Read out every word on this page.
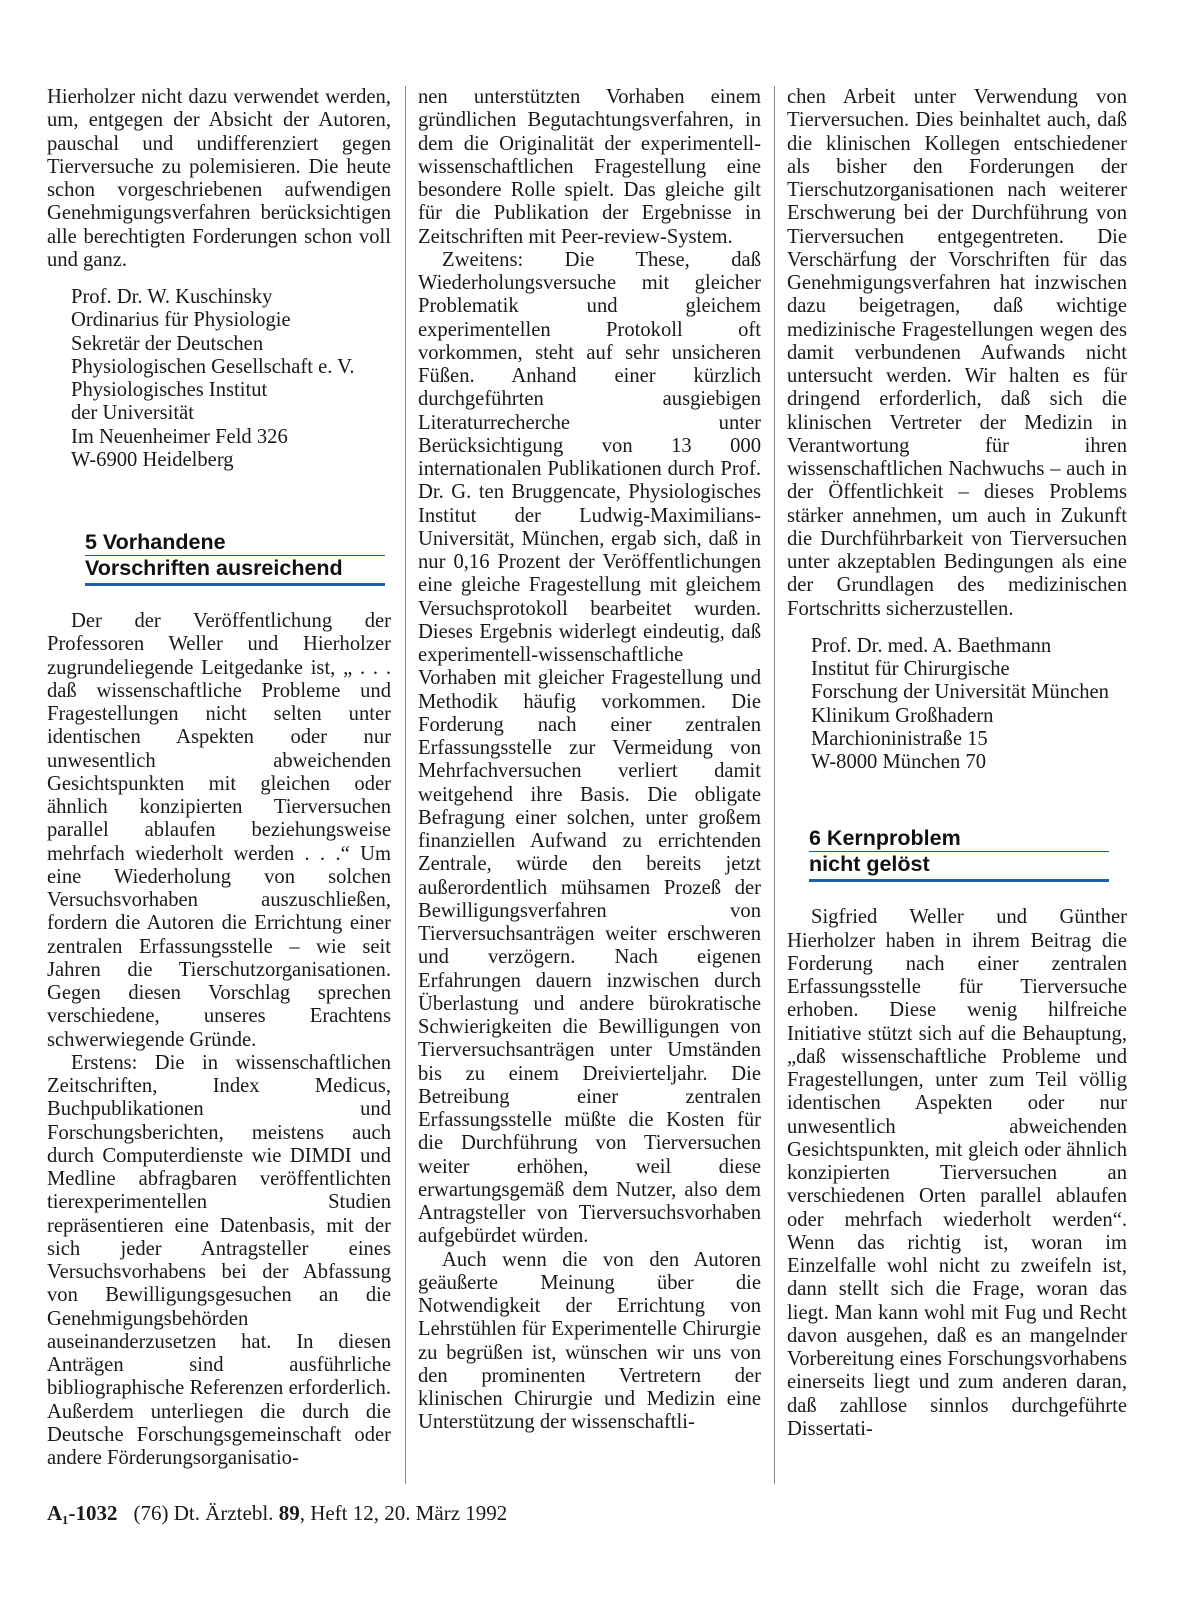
Hierholzer nicht dazu verwendet werden, um, entgegen der Absicht der Autoren, pauschal und undifferenziert gegen Tierversuche zu polemisieren. Die heute schon vorgeschriebenen aufwendigen Genehmigungsverfahren berücksichtigen alle berechtigten Forderungen schon voll und ganz.

Prof. Dr. W. Kuschinsky
Ordinarius für Physiologie
Sekretär der Deutschen
Physiologischen Gesellschaft e. V.
Physiologisches Institut
der Universität
Im Neuenheimer Feld 326
W-6900 Heidelberg
5 Vorhandene
Vorschriften ausreichend

Der der Veröffentlichung der Professoren Weller und Hierholzer zugrundeliegende Leitgedanke ist, „ . . . daß wissenschaftliche Probleme und Fragestellungen nicht selten unter identischen Aspekten oder nur unwesentlich abweichenden Gesichtspunkten mit gleichen oder ähnlich konzipierten Tierversuchen parallel ablaufen beziehungsweise mehrfach wiederholt werden . . .“ Um eine Wiederholung von solchen Versuchsvorhaben auszuschließen, fordern die Autoren die Errichtung einer zentralen Erfassungsstelle – wie seit Jahren die Tierschutzorganisationen. Gegen diesen Vorschlag sprechen verschiedene, unseres Erachtens schwerwiegende Gründe.

Erstens: Die in wissenschaftlichen Zeitschriften, Index Medicus, Buchpublikationen und Forschungsberichten, meistens auch durch Computerdienste wie DIMDI und Medline abfragbaren veröffentlichten tierexperimentellen Studien repräsentieren eine Datenbasis, mit der sich jeder Antragsteller eines Versuchsvorhabens bei der Abfassung von Bewilligungsgesuchen an die Genehmigungsbehörden auseinanderzusetzen hat. In diesen Anträgen sind ausführliche bibliographische Referenzen erforderlich. Außerdem unterliegen die durch die Deutsche Forschungsgemeinschaft oder andere Förderungsorganisatio-

nen unterstützten Vorhaben einem gründlichen Begutachtungsverfahren, in dem die Originalität der experimentell-wissenschaftlichen Fragestellung eine besondere Rolle spielt. Das gleiche gilt für die Publikation der Ergebnisse in Zeitschriften mit Peer-review-System.

Zweitens: Die These, daß Wiederholungsversuche mit gleicher Problematik und gleichem experimentellen Protokoll oft vorkommen, steht auf sehr unsicheren Füßen. Anhand einer kürzlich durchgeführten ausgiebigen Literaturrecherche unter Berücksichtigung von 13 000 internationalen Publikationen durch Prof. Dr. G. ten Bruggencate, Physiologisches Institut der Ludwig-Maximilians-Universität, München, ergab sich, daß in nur 0,16 Prozent der Veröffentlichungen eine gleiche Fragestellung mit gleichem Versuchsprotokoll bearbeitet wurden. Dieses Ergebnis widerlegt eindeutig, daß experimentell-wissenschaftliche Vorhaben mit gleicher Fragestellung und Methodik häufig vorkommen. Die Forderung nach einer zentralen Erfassungsstelle zur Vermeidung von Mehrfachversuchen verliert damit weitgehend ihre Basis. Die obligate Befragung einer solchen, unter großem finanziellen Aufwand zu errichtenden Zentrale, würde den bereits jetzt außerordentlich mühsamen Prozeß der Bewilligungsverfahren von Tierversuchsanträgen weiter erschweren und verzögern. Nach eigenen Erfahrungen dauern inzwischen durch Überlastung und andere bürokratische Schwierigkeiten die Bewilligungen von Tierversuchsanträgen unter Umständen bis zu einem Dreivierteljahr. Die Betreibung einer zentralen Erfassungsstelle müßte die Kosten für die Durchführung von Tierversuchen weiter erhöhen, weil diese erwartungsgemäß dem Nutzer, also dem Antragsteller von Tierversuchsvorhaben aufgebürdet würden.

Auch wenn die von den Autoren geäußerte Meinung über die Notwendigkeit der Errichtung von Lehrstühlen für Experimentelle Chirurgie zu begrüßen ist, wünschen wir uns von den prominenten Vertretern der klinischen Chirurgie und Medizin eine Unterstützung der wissenschaftli-

chen Arbeit unter Verwendung von Tierversuchen. Dies beinhaltet auch, daß die klinischen Kollegen entschiedener als bisher den Forderungen der Tierschutzorganisationen nach weiterer Erschwerung bei der Durchführung von Tierversuchen entgegentreten. Die Verschärfung der Vorschriften für das Genehmigungsverfahren hat inzwischen dazu beigetragen, daß wichtige medizinische Fragestellungen wegen des damit verbundenen Aufwands nicht untersucht werden. Wir halten es für dringend erforderlich, daß sich die klinischen Vertreter der Medizin in Verantwortung für ihren wissenschaftlichen Nachwuchs – auch in der Öffentlichkeit – dieses Problems stärker annehmen, um auch in Zukunft die Durchführbarkeit von Tierversuchen unter akzeptablen Bedingungen als eine der Grundlagen des medizinischen Fortschritts sicherzustellen.

Prof. Dr. med. A. Baethmann
Institut für Chirurgische
Forschung der Universität München
Klinikum Großhadern
Marchioninistraße 15
W-8000 München 70
6 Kernproblem
nicht gelöst

Sigfried Weller und Günther Hierholzer haben in ihrem Beitrag die Forderung nach einer zentralen Erfassungsstelle für Tierversuche erhoben. Diese wenig hilfreiche Initiative stützt sich auf die Behauptung, „daß wissenschaftliche Probleme und Fragestellungen, unter zum Teil völlig identischen Aspekten oder nur unwesentlich abweichenden Gesichtspunkten, mit gleich oder ähnlich konzipierten Tierversuchen an verschiedenen Orten parallel ablaufen oder mehrfach wiederholt werden“. Wenn das richtig ist, woran im Einzelfalle wohl nicht zu zweifeln ist, dann stellt sich die Frage, woran das liegt. Man kann wohl mit Fug und Recht davon ausgehen, daß es an mangelnder Vorbereitung eines Forschungsvorhabens einerseits liegt und zum anderen daran, daß zahllose sinnlos durchgeführte Dissertati-

A₁-1032 (76) Dt. Ärztebl. 89, Heft 12, 20. März 1992
